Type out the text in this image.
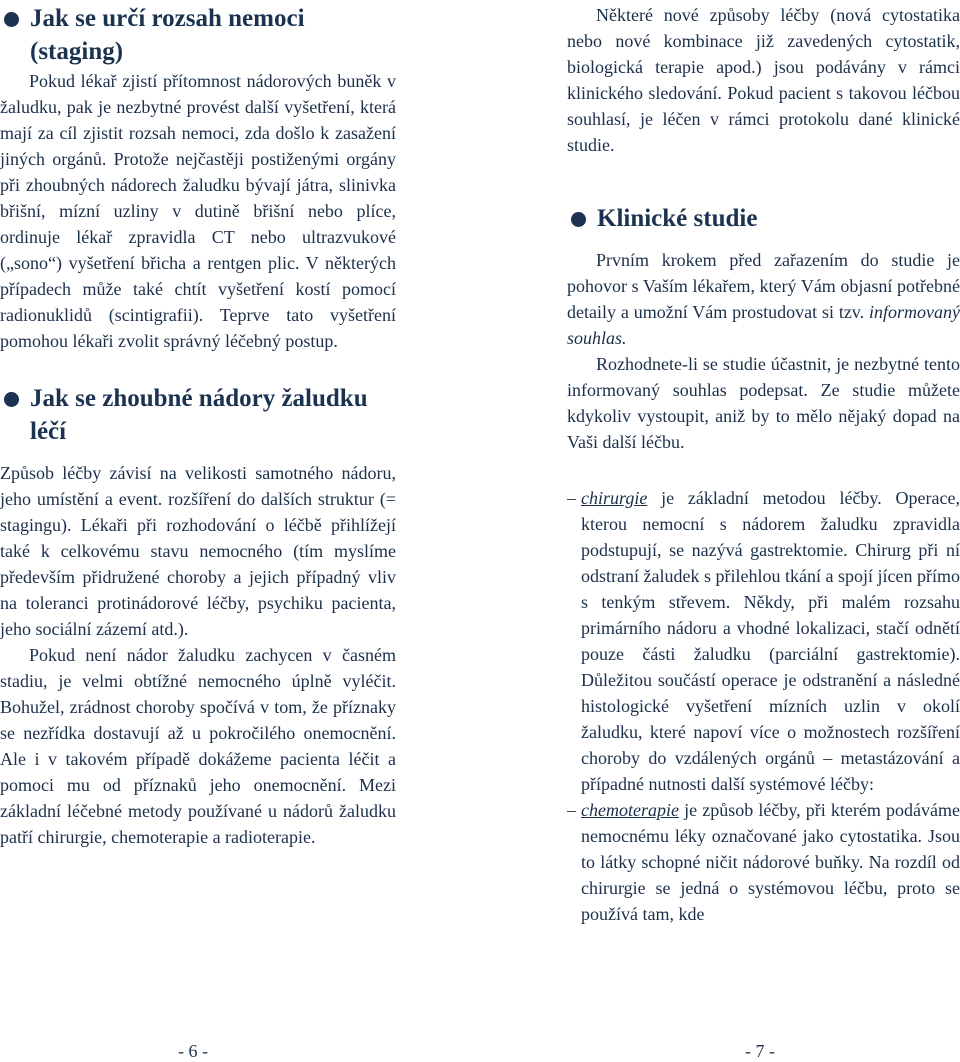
Jak se určí rozsah nemoci (staging)

Pokud lékař zjistí přítomnost nádorových buněk v žaludku, pak je nezbytné provést další vyšetření, která mají za cíl zjistit rozsah nemoci, zda došlo k zasažení jiných orgánů. Protože nejčastěji postiženými orgány při zhoubných nádorech žaludku bývají játra, slinivka břišní, mízní uzliny v dutině břišní nebo plíce, ordinuje lékař zpravidla CT nebo ultrazvukové („sono“) vyšetření břicha a rentgen plic. V některých případech může také chtít vyšetření kostí pomocí radionuklidů (scintigrafii). Teprve tato vyšetření pomohou lékaři zvolit správný léčebný postup.

Jak se zhoubné nádory žaludku léčí

Způsob léčby závisí na velikosti samotného nádoru, jeho umístění a event. rozšíření do dalších struktur (= stagingu). Lékaři při rozhodování o léčbě přihlížejí také k celkovému stavu nemocného (tím myslíme především přidružené choroby a jejich případný vliv na toleranci protinádorové léčby, psychiku pacienta, jeho sociální zázemí atd.).

Pokud není nádor žaludku zachycen v časném stadiu, je velmi obtížné nemocného úplně vyléčit. Bohužel, zrádnost choroby spočívá v tom, že příznaky se nezřídka dostavují až u pokročilého onemocnění. Ale i v takovém případě dokážeme pacienta léčit a pomoci mu od příznaků jeho onemocnění. Mezi základní léčebné metody používané u nádorů žaludku patří chirurgie, chemoterapie a radioterapie.

Některé nové způsoby léčby (nová cytostatika nebo nové kombinace již zavedených cytostatik, biologická terapie apod.) jsou podávány v rámci klinického sledování. Pokud pacient s takovou léčbou souhlasí, je léčen v rámci protokolu dané klinické studie.

Klinické studie

Prvním krokem před zařazením do studie je pohovor s Vaším lékařem, který Vám objasní potřebné detaily a umožní Vám prostudovat si tzv. informovaný souhlas.

Rozhodnete-li se studie účastnit, je nezbytné tento informovaný souhlas podepsat. Ze studie můžete kdykoliv vystoupit, aniž by to mělo nějaký dopad na Vaši další léčbu.

– chirurgie je základní metodou léčby. Operace, kterou nemocní s nádorem žaludku zpravidla podstupují, se nazývá gastrektomie. Chirurg při ní odstraní žaludek s přilehlou tkání a spojí jícen přímo s tenkým střevem. Někdy, při malém rozsahu primárního nádoru a vhodné lokalizaci, stačí odnětí pouze části žaludku (parciální gastrektomie). Důležitou součástí operace je odstranění a následné histologické vyšetření mízních uzlin v okolí žaludku, které napoví více o možnostech rozšíření choroby do vzdálených orgánů – metastázování a případné nutnosti další systémové léčby:

– chemoterapie je způsob léčby, při kterém podáváme nemocnému léky označované jako cytostatika. Jsou to látky schopné ničit nádorové buňky. Na rozdíl od chirurgie se jedná o systémovou léčbu, proto se používá tam, kde

- 6 -	- 7 -
